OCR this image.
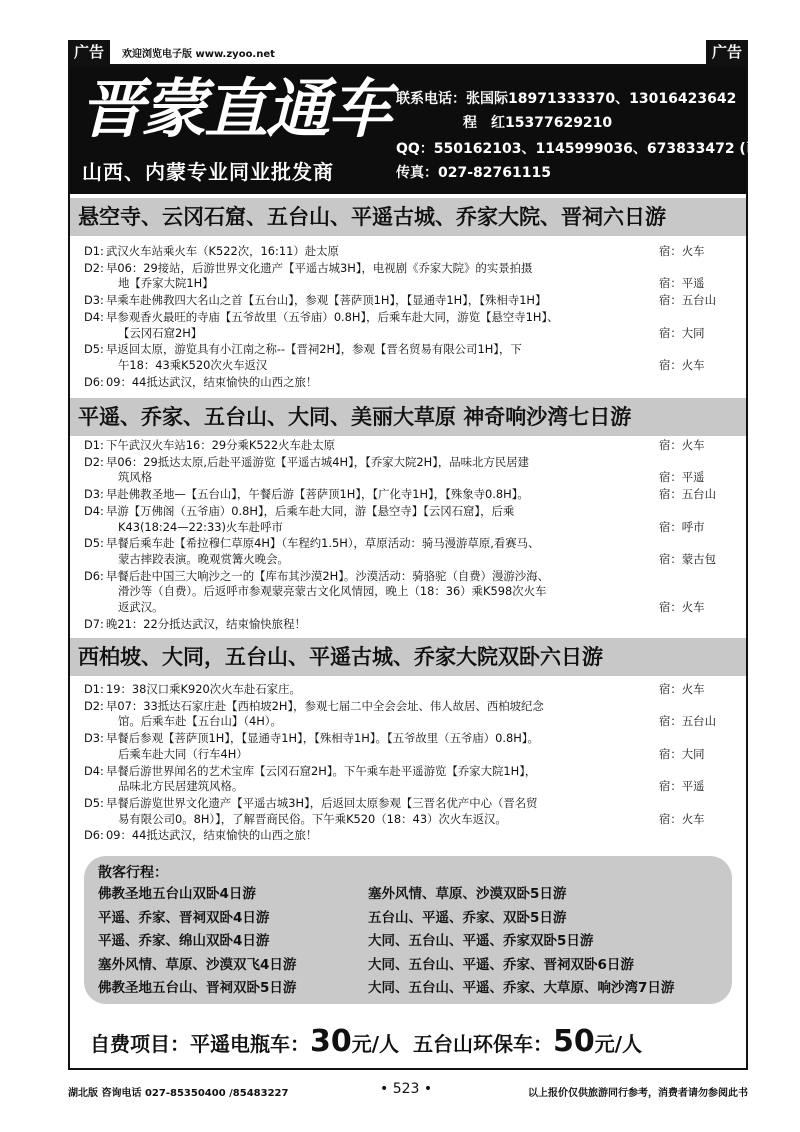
广告	欢迎浏览电子版 www.zyoo.net	广告
晋蒙直通车
山西、内蒙专业同业批发商
联系电话：张国际18971333370、13016423642
程　红15377629210
QQ：550162103、1145999036、673833472 (已满)
传真：027-82761115
悬空寺、云冈石窟、五台山、平遥古城、乔家大院、晋祠六日游
D1: 武汉火车站乘火车（K522次，16:11）赴太原	宿：火车
D2: 早06：29接站，后游世界文化遗产【平遥古城3H】，电视剧《乔家大院》的实景拍摄
地【乔家大院1H】	宿：平遥
D3: 早乘车赴佛教四大名山之首【五台山】，参观【菩萨顶1H】，【显通寺1H】，【殊相寺1H】	宿：五台山
D4: 早参观香火最旺的寺庙【五爷故里（五爷庙）0.8H】，后乘车赴大同，游览【悬空寺1H】、
【云冈石窟2H】	宿：大同
D5: 早返回太原，游览具有小江南之称--【晋祠2H】，参观【晋名贸易有限公司1H】，下
午18：43乘K520次火车返汉	宿：火车
D6: 09：44抵达武汉，结束愉快的山西之旅！
平遥、乔家、五台山、大同、美丽大草原 神奇响沙湾七日游
D1: 下午武汉火车站16：29分乘K522火车赴太原	宿：火车
D2: 早06：29抵达太原,后赴平遥游览【平遥古城4H】，【乔家大院2H】，品味北方民居建
筑风格	宿：平遥
D3: 早赴佛教圣地—【五台山】，午餐后游【菩萨顶1H】，【广化寺1H】，【殊象寺0.8H】。	宿：五台山
D4: 早游【万佛阁（五爷庙）0.8H】，后乘车赴大同，游【悬空寺】【云冈石窟】，后乘
K43(18:24—22:33)火车赴呼市	宿：呼市
D5: 早餐后乘车赴【希拉穆仁草原4H】（车程约1.5H），草原活动：骑马漫游草原,看赛马、
蒙古摔跤表演。晚观赏篝火晚会。	宿：蒙古包
D6: 早餐后赴中国三大响沙之一的【库布其沙漠2H】。沙漠活动：骑骆驼（自费）漫游沙海、
滑沙等（自费）。后返呼市参观蒙亮蒙古文化风情园，晚上（18：36）乘K598次火车
返武汉。	宿：火车
D7: 晚21：22分抵达武汉，结束愉快旅程！
西柏坡、大同，五台山、平遥古城、乔家大院双卧六日游
D1: 19：38汉口乘K920次火车赴石家庄。	宿：火车
D2: 早07：33抵达石家庄赴【西柏坡2H】，参观七届二中全会会址、伟人故居、西柏坡纪念
馆。后乘车赴【五台山】（4H）。	宿：五台山
D3: 早餐后参观【菩萨顶1H】，【显通寺1H】，【殊相寺1H】。【五爷故里（五爷庙）0.8H】。
后乘车赴大同（行车4H）	宿：大同
D4: 早餐后游世界闻名的艺术宝库【云冈石窟2H】。下午乘车赴平遥游览【乔家大院1H】，
品味北方民居建筑风格。	宿：平遥
D5: 早餐后游览世界文化遗产【平遥古城3H】，后返回太原参观【三晋名优产中心（晋名贸
易有限公司0。8H）】，了解晋商民俗。下午乘K520（18：43）次火车返汉。	宿：火车
D6: 09：44抵达武汉，结束愉快的山西之旅！
散客行程：
佛教圣地五台山双卧4日游
平遥、乔家、晋祠双卧4日游
平遥、乔家、绵山双卧4日游
塞外风情、草原、沙漠双飞4日游
佛教圣地五台山、晋祠双卧5日游
塞外风情、草原、沙漠双卧5日游
五台山、平遥、乔家、双卧5日游
大同、五台山、平遥、乔家双卧5日游
大同、五台山、平遥、乔家、晋祠双卧6日游
大同、五台山、平遥、乔家、大草原、响沙湾7日游
自费项目：平遥电瓶车：30元/人 五台山环保车：50元/人
湖北版 咨询电话 027-85350400 /85483227	• 523 •	以上报价仅供旅游同行参考，消费者请勿参阅此书
